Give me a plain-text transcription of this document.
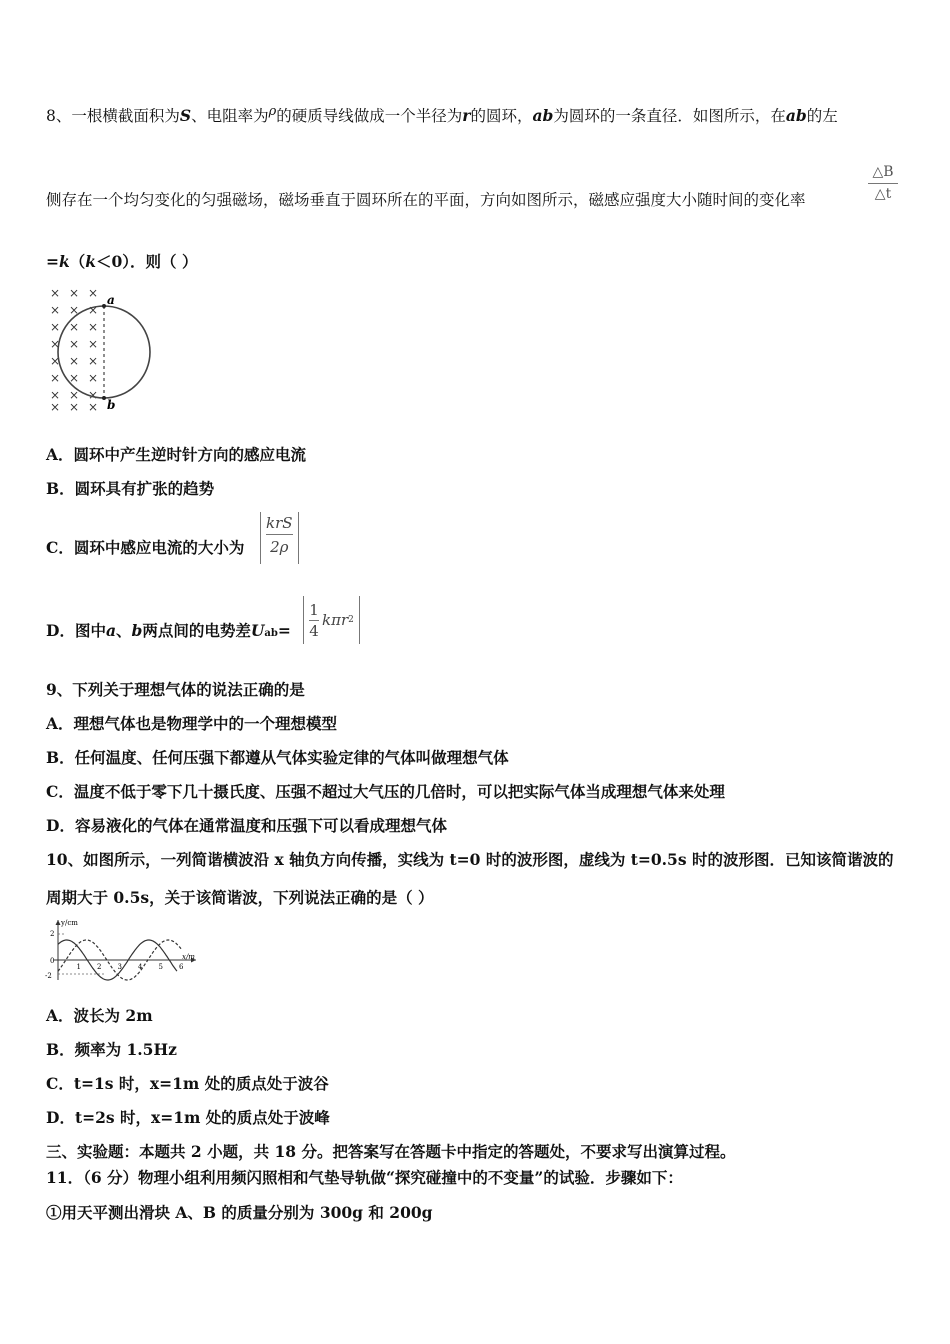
8、一根横截面积为S、电阻率为$^\rho$的硬质导线做成一个半径为r的圆环，ab为圆环的一条直径．如图所示，在ab的左
侧存在一个均匀变化的匀强磁场，磁场垂直于圆环所在的平面，方向如图所示，磁感应强度大小随时间的变化率
△B
△t
=k（k＜0）．则（ ）
× × ×
× × ×
× × ×
× × ×
× × ×
× × ×
× × ×
× × ×
a
b
A．圆环中产生逆时针方向的感应电流
B．圆环具有扩张的趋势
C．圆环中感应电流的大小为
krS
2ρ
D．图中a、b两点间的电势差Uab=
1
4
kπr 2
9、下列关于理想气体的说法正确的是
A．理想气体也是物理学中的一个理想模型
B．任何温度、任何压强下都遵从气体实验定律的气体叫做理想气体
C．温度不低于零下几十摄氏度、压强不超过大气压的几倍时，可以把实际气体当成理想气体来处理
D．容易液化的气体在通常温度和压强下可以看成理想气体
10、如图所示，一列简谐横波沿 x 轴负方向传播，实线为 t=0 时的波形图，虚线为 t=0.5s 时的波形图．已知该简谐波的
周期大于 0.5s，关于该简谐波，下列说法正确的是（ ）
y/cm
x/m
2
0
-2
1 2 3 4 5 6
A．波长为 2m
B．频率为 1.5Hz
C．t=1s 时，x=1m 处的质点处于波谷
D．t=2s 时，x=1m 处的质点处于波峰
三、实验题：本题共 2 小题，共 18 分。把答案写在答题卡中指定的答题处，不要求写出演算过程。
11．（6 分）物理小组利用频闪照相和气垫导轨做“探究碰撞中的不变量”的试验．步骤如下：
①用天平测出滑块 A、B 的质量分别为 300g 和 200g
